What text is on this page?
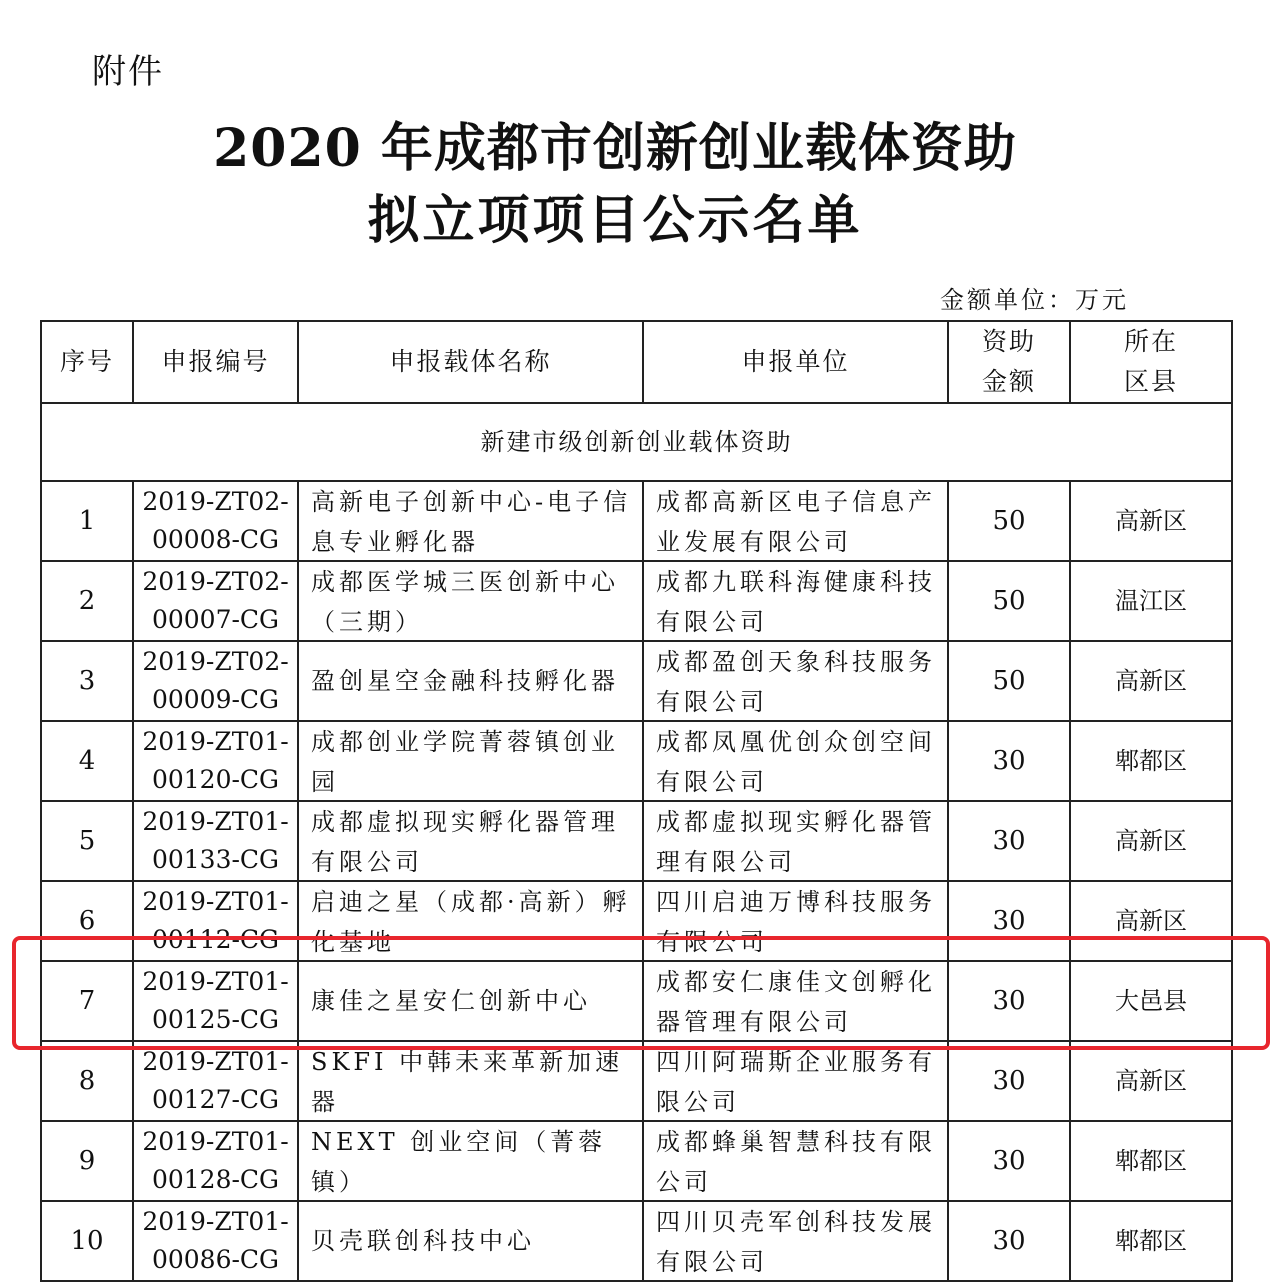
附件
2020 年成都市创新创业载体资助
拟立项项目公示名单
金额单位：万元
序号	申报编号	申报载体名称	申报单位	资助金额	所在区县
新建市级创新创业载体资助					

1	2019-ZT02-00008-CG	高新电子创新中心-电子信息专业孵化器	成都高新区电子信息产业发展有限公司	50	高新区

2	2019-ZT02-00007-CG	成都医学城三医创新中心（三期）	成都九联科海健康科技有限公司	50	温江区

3	2019-ZT02-00009-CG	盈创星空金融科技孵化器	成都盈创天象科技服务有限公司	50	高新区

4	2019-ZT01-00120-CG	成都创业学院菁蓉镇创业园	成都凤凰优创众创空间有限公司	30	郫都区

5	2019-ZT01-00133-CG	成都虚拟现实孵化器管理有限公司	成都虚拟现实孵化器管理有限公司	30	高新区

6	2019-ZT01-00112-CG	启迪之星（成都·高新）孵化基地	四川启迪万博科技服务有限公司	30	高新区

7	2019-ZT01-00125-CG	康佳之星安仁创新中心	成都安仁康佳文创孵化器管理有限公司	30	大邑县

8	2019-ZT01-00127-CG	SKFI 中韩未来革新加速器	四川阿瑞斯企业服务有限公司	30	高新区

9	2019-ZT01-00128-CG	NEXT 创业空间（菁蓉镇）	成都蜂巢智慧科技有限公司	30	郫都区

10	2019-ZT01-00086-CG	贝壳联创科技中心	四川贝壳军创科技发展有限公司	30	郫都区
